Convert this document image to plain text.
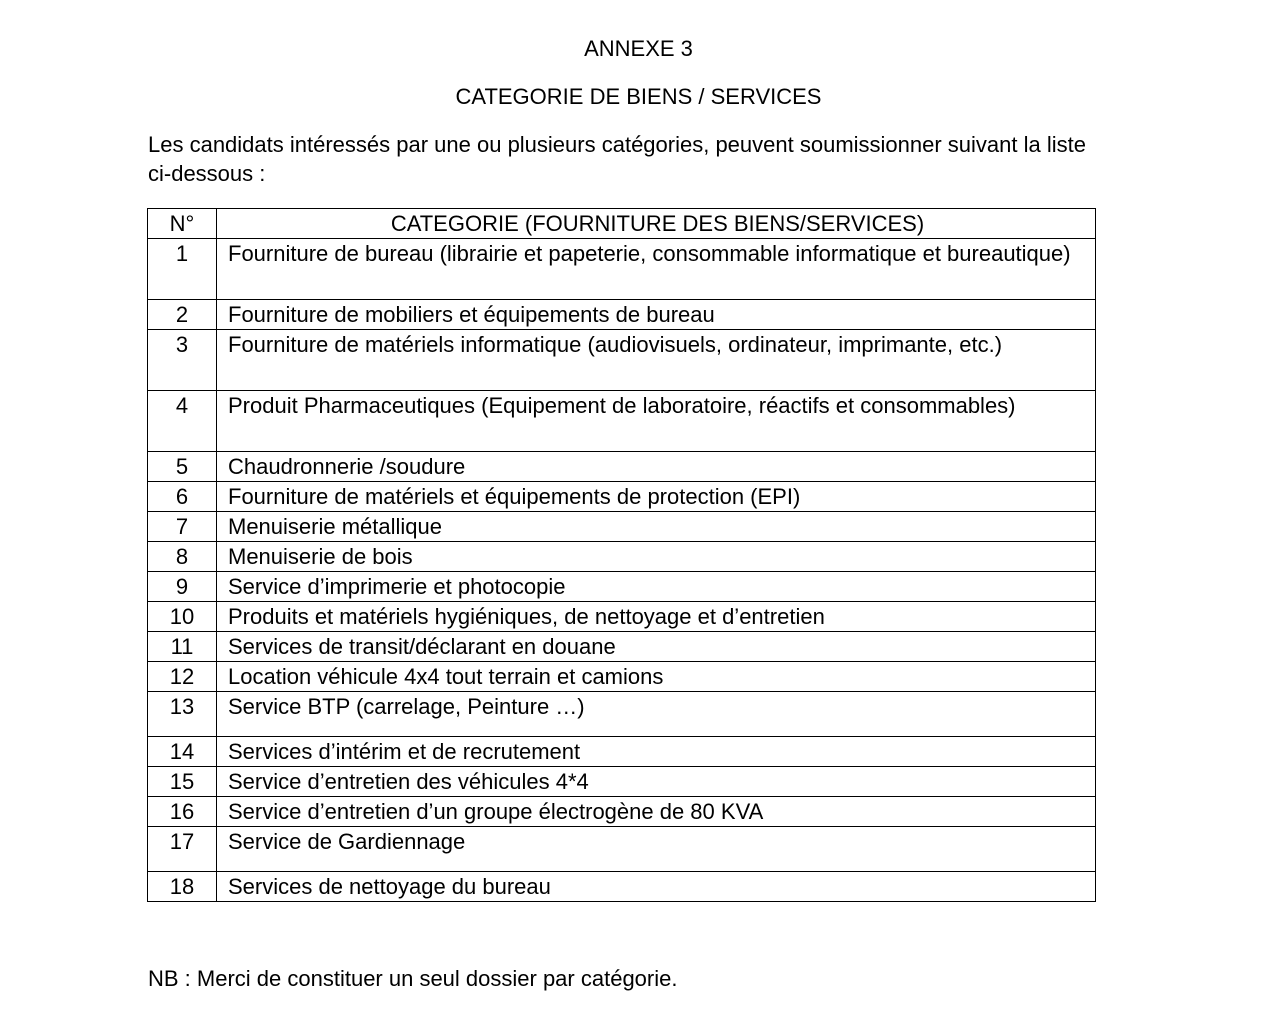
ANNEXE 3
CATEGORIE DE BIENS / SERVICES
Les candidats intéressés par une ou plusieurs catégories, peuvent soumissionner suivant la liste ci-dessous :
N°	CATEGORIE (FOURNITURE DES BIENS/SERVICES)
1	Fourniture de bureau (librairie et papeterie, consommable informatique et bureautique)
2	Fourniture de mobiliers et équipements de bureau
3	Fourniture de matériels informatique (audiovisuels, ordinateur, imprimante, etc.)
4	Produit Pharmaceutiques (Equipement de laboratoire, réactifs et consommables)
5	Chaudronnerie /soudure
6	Fourniture de matériels et équipements de protection (EPI)
7	Menuiserie métallique
8	Menuiserie de bois
9	Service d’imprimerie et photocopie
10	Produits et matériels hygiéniques, de nettoyage et d’entretien
11	Services de transit/déclarant en douane
12	Location véhicule 4x4 tout terrain et camions
13	Service BTP (carrelage, Peinture …)
14	Services d’intérim et de recrutement
15	Service d’entretien des véhicules 4*4
16	Service d’entretien d’un groupe électrogène de 80 KVA
17	Service de Gardiennage
18	Services de nettoyage du bureau
NB : Merci de constituer un seul dossier par catégorie.
